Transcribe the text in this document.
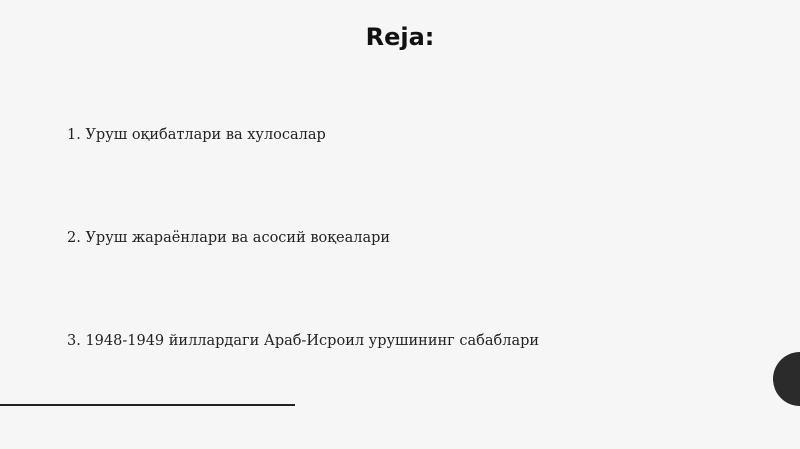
Reja:
1. Уруш оқибатлари ва хулосалар
2. Уруш жараёнлари ва асосий воқеалари
3. 1948-1949 йиллардаги Араб-Исроил урушининг сабаблари
